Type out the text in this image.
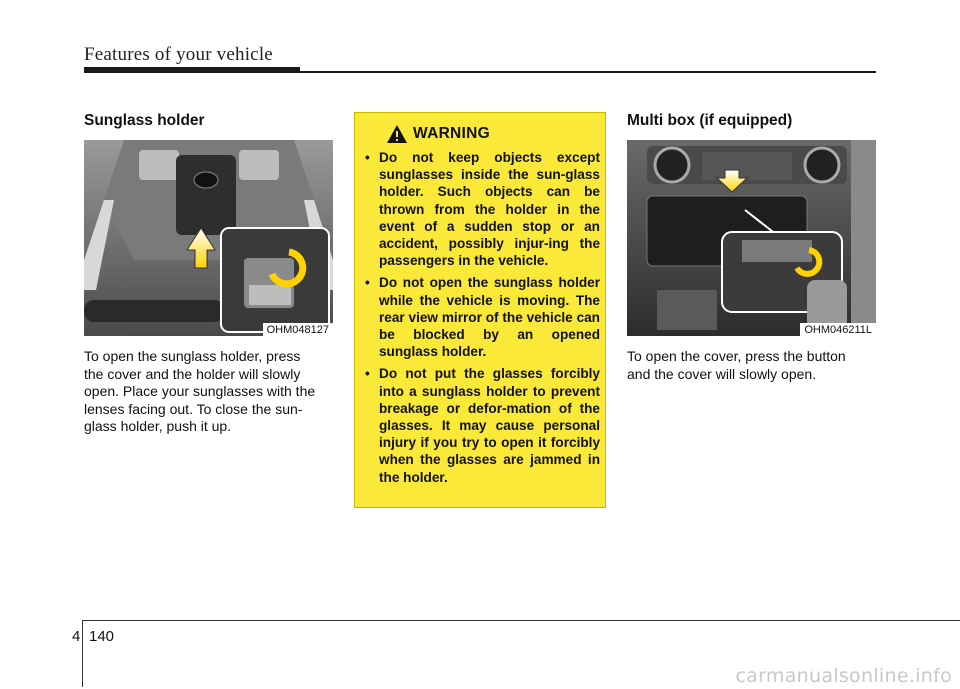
Features of your vehicle
Sunglass holder
OHM048127
To open the sunglass holder, press
the cover and the holder will slowly
open. Place your sunglasses with the
lenses facing out. To close the sun-
glass holder, push it up.
WARNING
• Do not keep objects except sunglasses inside the sun-glass holder. Such objects can be thrown from the holder in the event of a sudden stop or an accident, possibly injur-ing the passengers in the vehicle.
• Do not open the sunglass holder while the vehicle is moving. The rear view mirror of the vehicle can be blocked by an opened sunglass holder.
• Do not put the glasses forcibly into a sunglass holder to prevent breakage or defor-mation of the glasses. It may cause personal injury if you try to open it forcibly when the glasses are jammed in the holder.
Multi box (if equipped)
OHM046211L
To open the cover, press the button
and the cover will slowly open.
4 140
carmanualsonline.info
